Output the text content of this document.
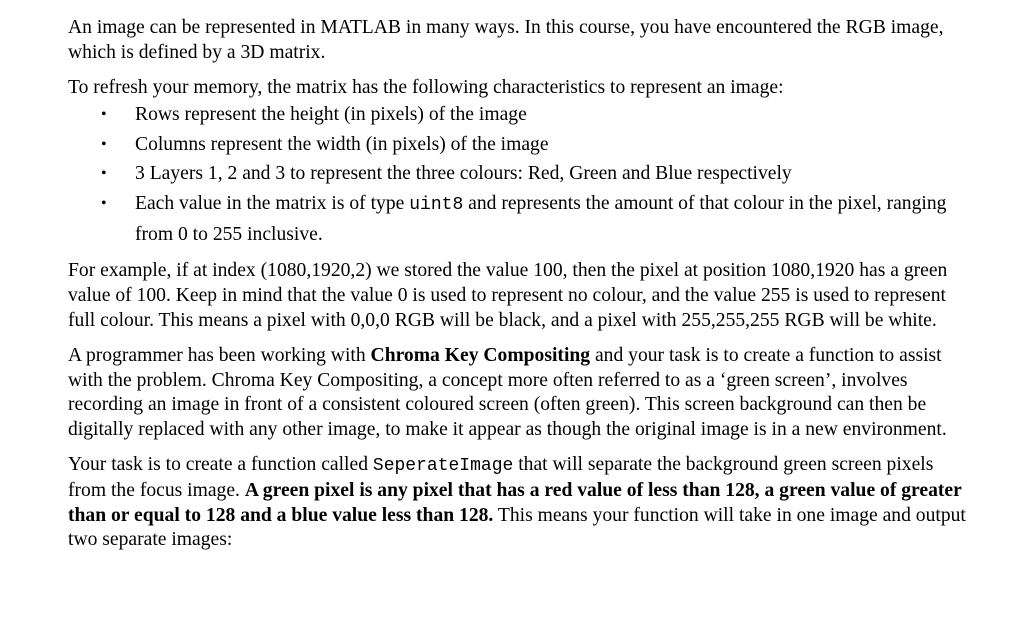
An image can be represented in MATLAB in many ways. In this course, you have encountered the RGB image, which is defined by a 3D matrix.

To refresh your memory, the matrix has the following characteristics to represent an image:

• Rows represent the height (in pixels) of the image
• Columns represent the width (in pixels) of the image
• 3 Layers 1, 2 and 3 to represent the three colours: Red, Green and Blue respectively
• Each value in the matrix is of type uint8 and represents the amount of that colour in the pixel, ranging from 0 to 255 inclusive.

For example, if at index (1080,1920,2) we stored the value 100, then the pixel at position 1080,1920 has a green value of 100. Keep in mind that the value 0 is used to represent no colour, and the value 255 is used to represent full colour. This means a pixel with 0,0,0 RGB will be black, and a pixel with 255,255,255 RGB will be white.

A programmer has been working with Chroma Key Compositing and your task is to create a function to assist with the problem. Chroma Key Compositing, a concept more often referred to as a ‘green screen’, involves recording an image in front of a consistent coloured screen (often green). This screen background can then be digitally replaced with any other image, to make it appear as though the original image is in a new environment.

Your task is to create a function called SeperateImage that will separate the background green screen pixels from the focus image. A green pixel is any pixel that has a red value of less than 128, a green value of greater than or equal to 128 and a blue value less than 128. This means your function will take in one image and output two separate images:
